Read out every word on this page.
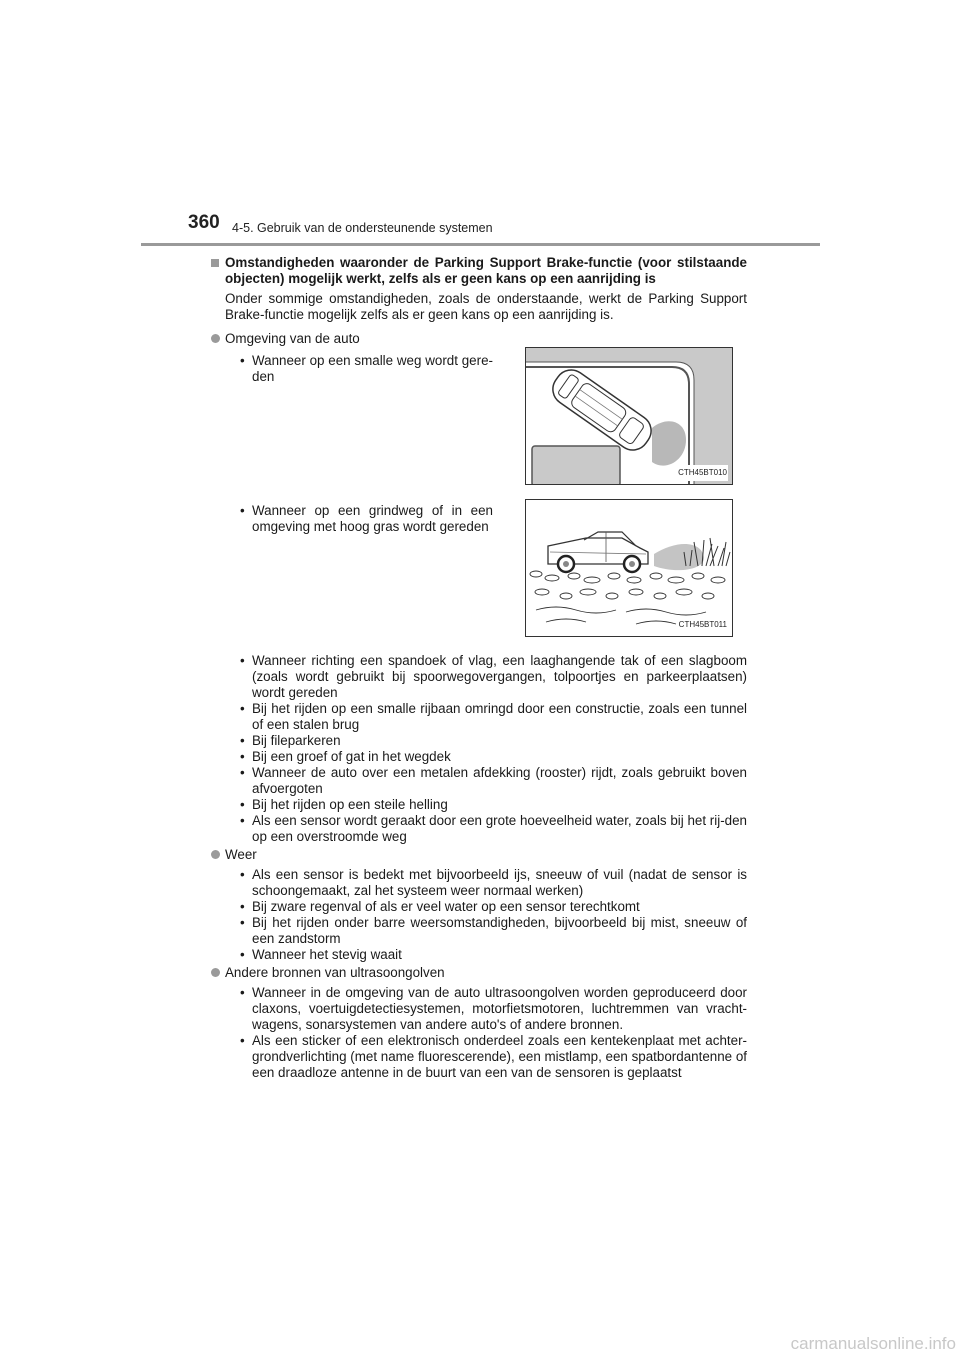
360 4-5. Gebruik van de ondersteunende systemen
Omstandigheden waaronder de Parking Support Brake-functie (voor stilstaande objecten) mogelijk werkt, zelfs als er geen kans op een aanrijding is
Onder sommige omstandigheden, zoals de onderstaande, werkt de Parking Support Brake-functie mogelijk zelfs als er geen kans op een aanrijding is.
Omgeving van de auto
• Wanneer op een smalle weg wordt gere-den
CTH45BT010
• Wanneer op een grindweg of in een omgeving met hoog gras wordt gereden
CTH45BT011
• Wanneer richting een spandoek of vlag, een laaghangende tak of een slagboom (zoals wordt gebruikt bij spoorwegovergangen, tolpoortjes en parkeerplaatsen) wordt gereden
• Bij het rijden op een smalle rijbaan omringd door een constructie, zoals een tunnel of een stalen brug
• Bij fileparkeren
• Bij een groef of gat in het wegdek
• Wanneer de auto over een metalen afdekking (rooster) rijdt, zoals gebruikt boven afvoergoten
• Bij het rijden op een steile helling
• Als een sensor wordt geraakt door een grote hoeveelheid water, zoals bij het rij-den op een overstroomde weg
Weer
• Als een sensor is bedekt met bijvoorbeeld ijs, sneeuw of vuil (nadat de sensor is schoongemaakt, zal het systeem weer normaal werken)
• Bij zware regenval of als er veel water op een sensor terechtkomt
• Bij het rijden onder barre weersomstandigheden, bijvoorbeeld bij mist, sneeuw of een zandstorm
• Wanneer het stevig waait
Andere bronnen van ultrasoongolven
• Wanneer in de omgeving van de auto ultrasoongolven worden geproduceerd door claxons, voertuigdetectiesystemen, motorfietsmotoren, luchtremmen van vracht-wagens, sonarsystemen van andere auto's of andere bronnen.
• Als een sticker of een elektronisch onderdeel zoals een kentekenplaat met achter-grondverlichting (met name fluorescerende), een mistlamp, een spatbordantenne of een draadloze antenne in de buurt van een van de sensoren is geplaatst
carmanualsonline.info
